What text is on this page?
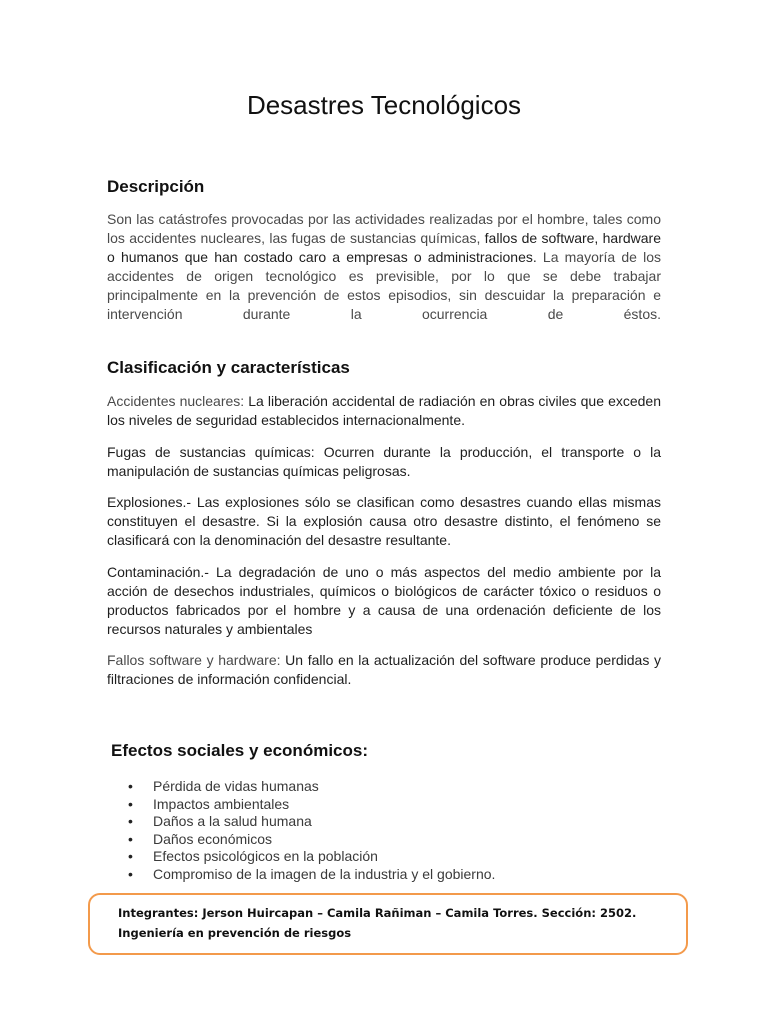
Desastres Tecnológicos
Descripción

Son las catástrofes provocadas por las actividades realizadas por el hombre, tales como los accidentes nucleares, las fugas de sustancias químicas, fallos de software, hardware o humanos que han costado caro a empresas o administraciones. La mayoría de los accidentes de origen tecnológico es previsible, por lo que se debe trabajar principalmente en la prevención de estos episodios, sin descuidar la preparación e intervención durante la ocurrencia de éstos.

Clasificación y características

Accidentes nucleares: La liberación accidental de radiación en obras civiles que exceden los niveles de seguridad establecidos internacionalmente.

Fugas de sustancias químicas: Ocurren durante la producción, el transporte o la manipulación de sustancias químicas peligrosas.

Explosiones.- Las explosiones sólo se clasifican como desastres cuando ellas mismas constituyen el desastre. Si la explosión causa otro desastre distinto, el fenómeno se clasificará con la denominación del desastre resultante.

Contaminación.- La degradación de uno o más aspectos del medio ambiente por la acción de desechos industriales, químicos o biológicos de carácter tóxico o residuos o productos fabricados por el hombre y a causa de una ordenación deficiente de los recursos naturales y ambientales

Fallos software y hardware: Un fallo en la actualización del software produce perdidas y filtraciones de información confidencial.

Efectos sociales y económicos:
• Pérdida de vidas humanas
• Impactos ambientales
• Daños a la salud humana
• Daños económicos
• Efectos psicológicos en la población
• Compromiso de la imagen de la industria y el gobierno.
Integrantes: Jerson Huircapan – Camila Rañiman – Camila Torres. Sección: 2502. Ingeniería en prevención de riesgos
